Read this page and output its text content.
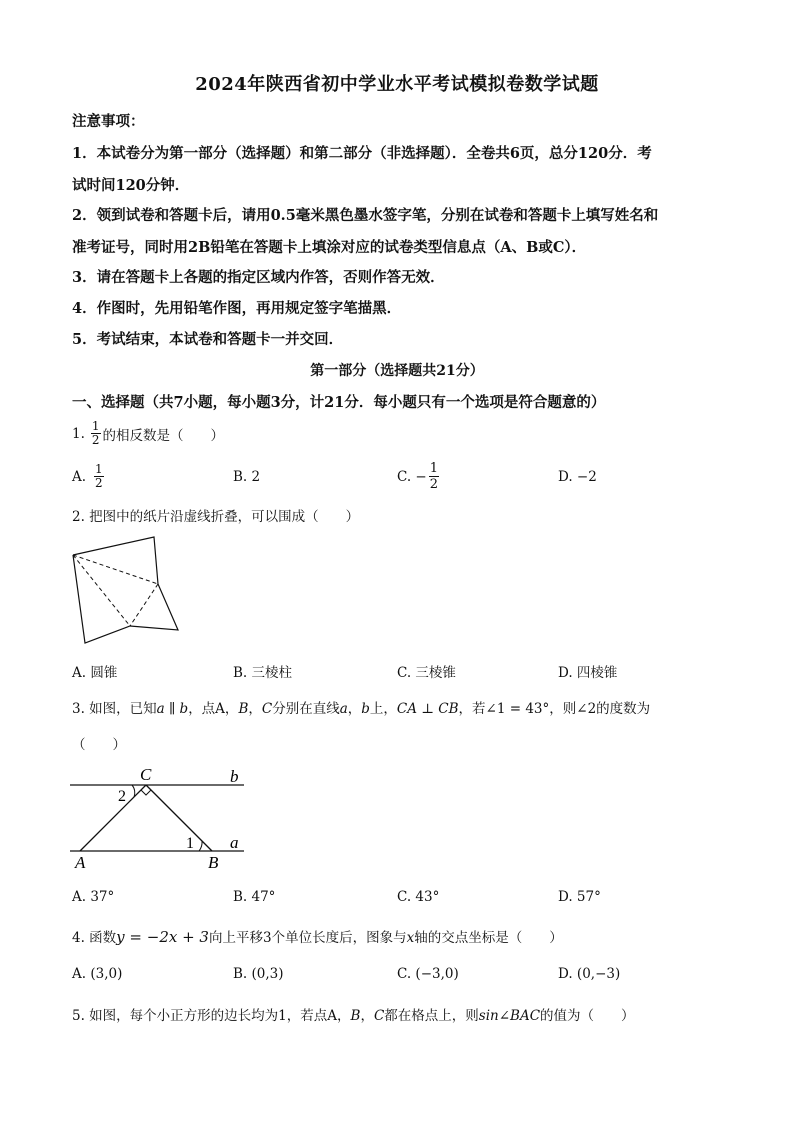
2024年陕西省初中学业水平考试模拟卷数学试题
注意事项：
1．本试卷分为第一部分（选择题）和第二部分（非选择题）．全卷共6页，总分120分．考
试时间120分钟．
2．领到试卷和答题卡后，请用0.5毫米黑色墨水签字笔，分别在试卷和答题卡上填写姓名和
准考证号，同时用2B铅笔在答题卡上填涂对应的试卷类型信息点（A、B或C）．
3．请在答题卡上各题的指定区域内作答，否则作答无效．
4．作图时，先用铅笔作图，再用规定签字笔描黑．
5．考试结束，本试卷和答题卡一并交回．
第一部分（选择题共21分）
一、选择题（共7小题，每小题3分，计21分．每小题只有一个选项是符合题意的）
1. $\frac{1}{2}$ 的相反数是（　　）
A. $\frac{1}{2}$	B. 2	C. − $\frac{1}{2}$	D. −2
2. 把图中的纸片沿虚线折叠，可以围成（　　）
A. 圆锥	B. 三棱柱	C. 三棱锥	D. 四棱锥
3. 如图，已知a ∥ b，点A，B，C分别在直线a，b上，CA ⊥ CB，若∠1 = 43°，则∠2的度数为
（　　）
C	b
2
1 a
A	B
A. 37°	B. 47°	C. 43°	D. 57°
4. 函数y = −2x + 3向上平移3个单位长度后，图象与x轴的交点坐标是（　　）
A. (3,0)	B. (0,3)	C. (−3,0)	D. (0,−3)
5. 如图，每个小正方形的边长均为1，若点A，B，C都在格点上，则sin∠BAC的值为（　　）
